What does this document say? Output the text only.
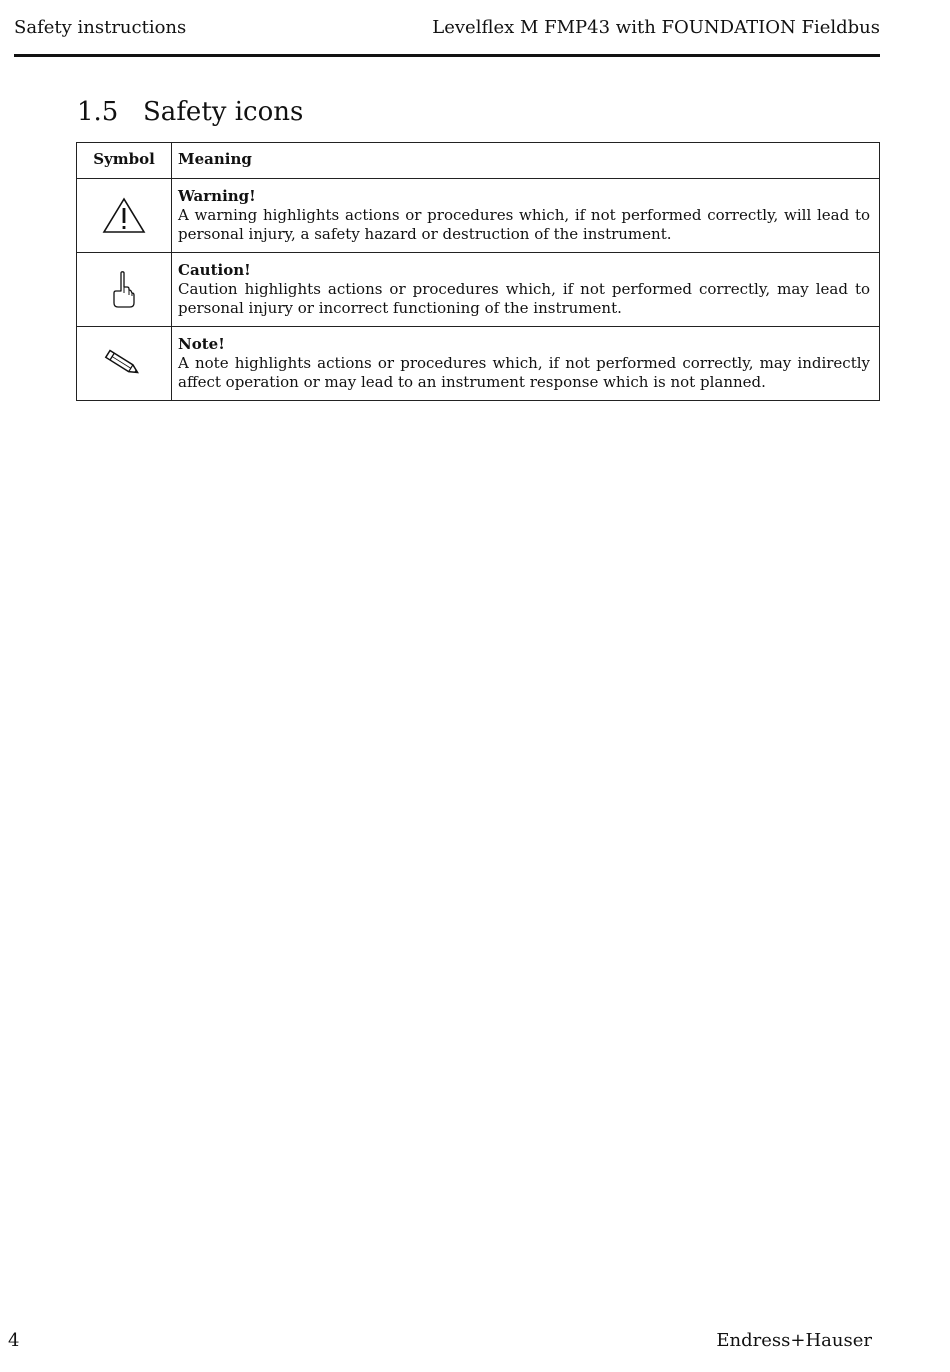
Safety instructions	Levelflex M FMP43 with FOUNDATION Fieldbus
1.5 Safety icons
Symbol	Meaning

Warning!
A warning highlights actions or procedures which, if not performed correctly, will lead to personal injury, a safety hazard or destruction of the instrument.

Caution!
Caution highlights actions or procedures which, if not performed correctly, may lead to personal injury or incorrect functioning of the instrument.

Note!
A note highlights actions or procedures which, if not performed correctly, may indirectly affect operation or may lead to an instrument response which is not planned.
4	Endress+Hauser
